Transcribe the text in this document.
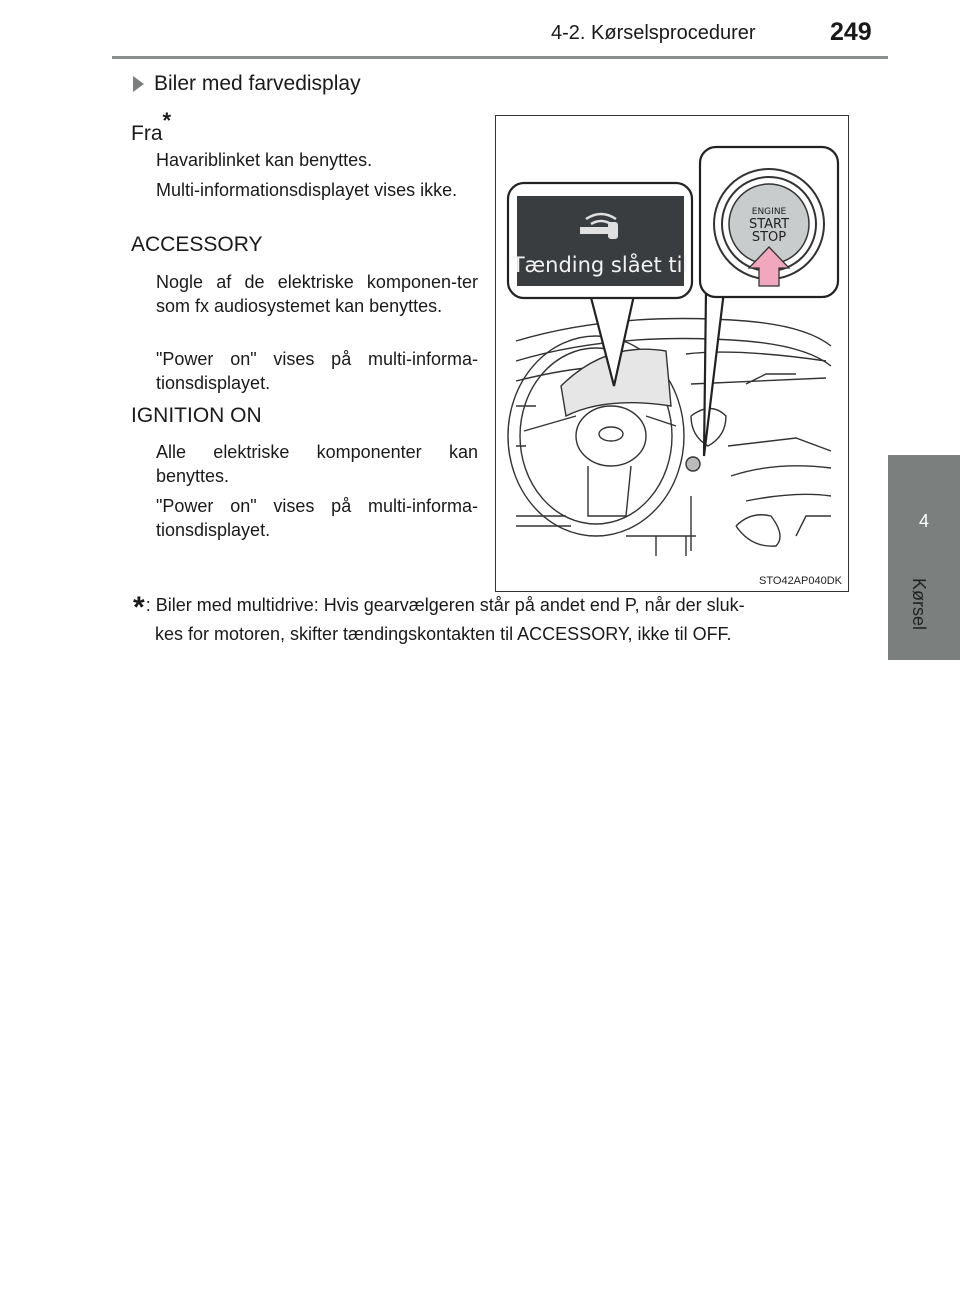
4-2. Kørselsprocedurer	249
4
Kørsel
Biler med farvedisplay
Fra*
Havariblinket kan benyttes.
Multi-informationsdisplayet vises ikke.
ACCESSORY
Nogle af de elektriske komponen-ter som fx audiosystemet kan benyttes.
"Power on" vises på multi-informa-tionsdisplayet.
IGNITION ON
Alle elektriske komponenter kan benyttes.
"Power on" vises på multi-informa-tionsdisplayet.
Tænding slået til
ENGINE
START
STOP
STO42AP040DK
*: Biler med multidrive: Hvis gearvælgeren står på andet end P, når der sluk-
kes for motoren, skifter tændingskontakten til ACCESSORY, ikke til OFF.
